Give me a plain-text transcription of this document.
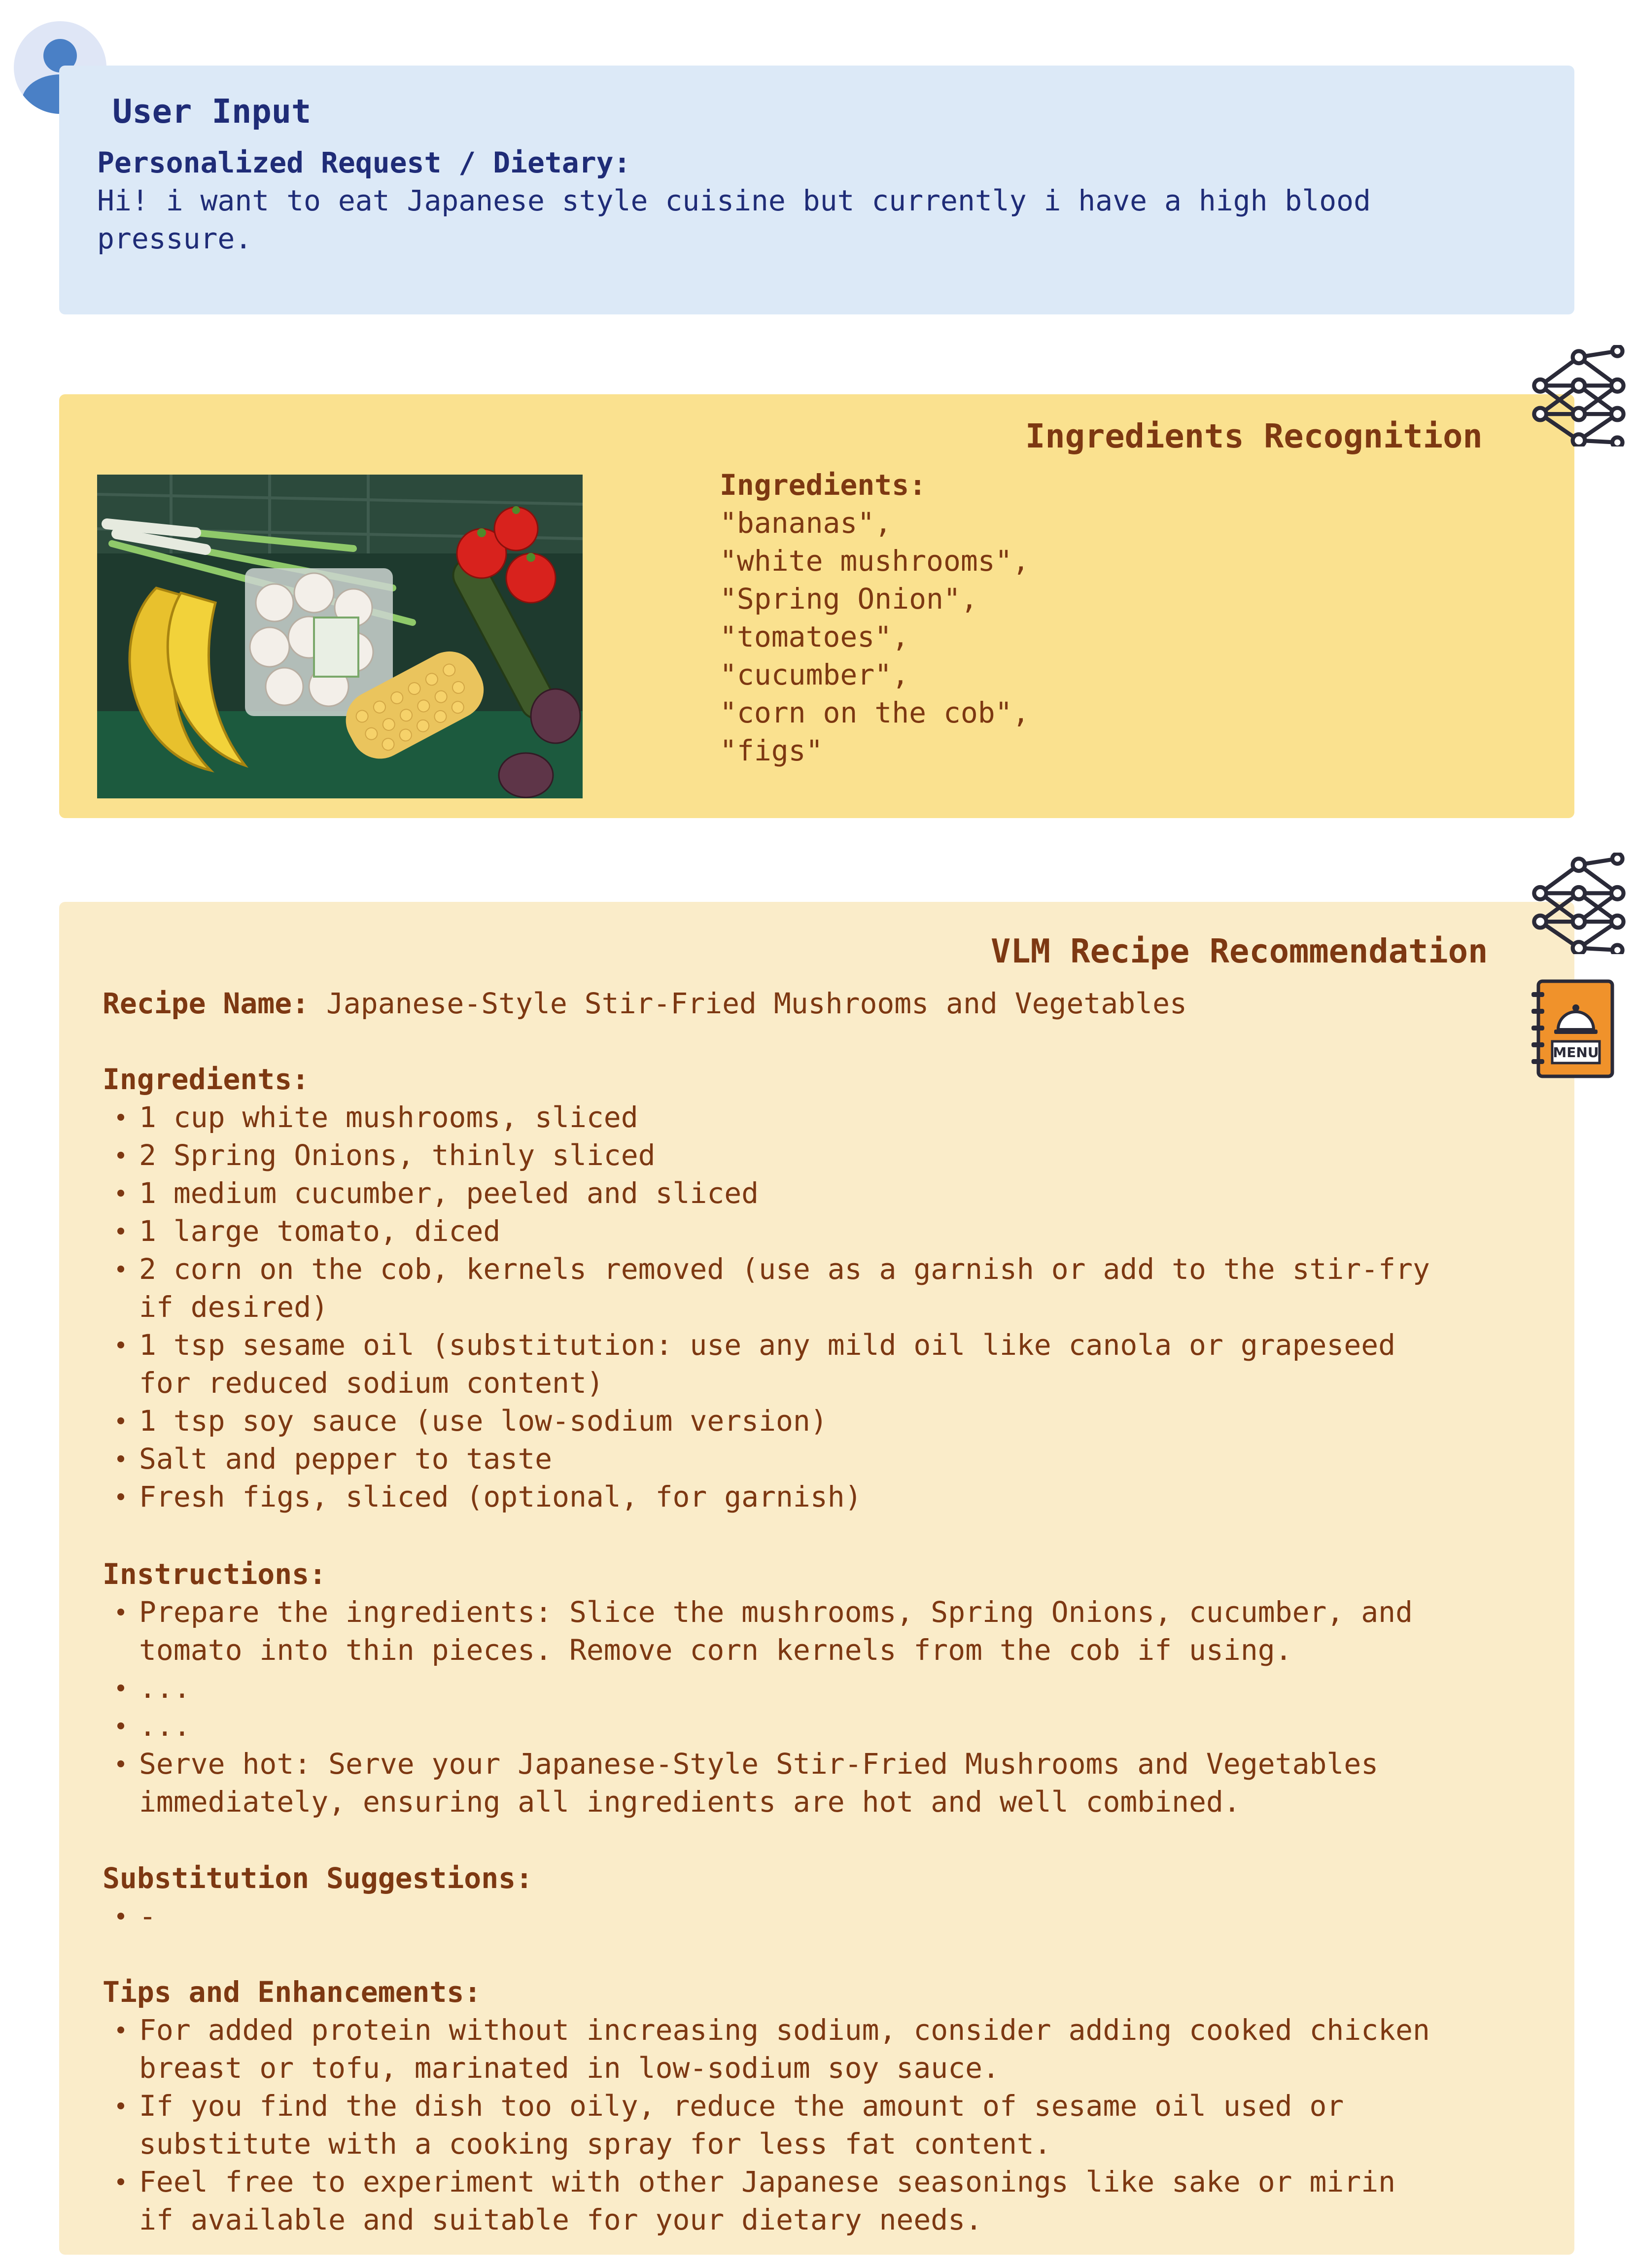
User Input
Personalized Request / Dietary:
Hi! i want to eat Japanese style cuisine but currently i have a high blood
pressure.
Ingredients Recognition
Ingredients:
"bananas",
"white mushrooms",
"Spring Onion",
"tomatoes",
"cucumber",
"corn on the cob",
"figs"
MENU
VLM Recipe Recommendation
Recipe Name: Japanese-Style Stir-Fried Mushrooms and Vegetables
Ingredients:
1 cup white mushrooms, sliced
2 Spring Onions, thinly sliced
1 medium cucumber, peeled and sliced
1 large tomato, diced
2 corn on the cob, kernels removed (use as a garnish or add to the stir-fry
if desired)
1 tsp sesame oil (substitution: use any mild oil like canola or grapeseed
for reduced sodium content)
1 tsp soy sauce (use low-sodium version)
Salt and pepper to taste
Fresh figs, sliced (optional, for garnish)
Instructions:
Prepare the ingredients: Slice the mushrooms, Spring Onions, cucumber, and
tomato into thin pieces. Remove corn kernels from the cob if using.
...
...
Serve hot: Serve your Japanese-Style Stir-Fried Mushrooms and Vegetables
immediately, ensuring all ingredients are hot and well combined.
Substitution Suggestions:
-
Tips and Enhancements:
For added protein without increasing sodium, consider adding cooked chicken
breast or tofu, marinated in low-sodium soy sauce.
If you find the dish too oily, reduce the amount of sesame oil used or
substitute with a cooking spray for less fat content.
Feel free to experiment with other Japanese seasonings like sake or mirin
if available and suitable for your dietary needs.
